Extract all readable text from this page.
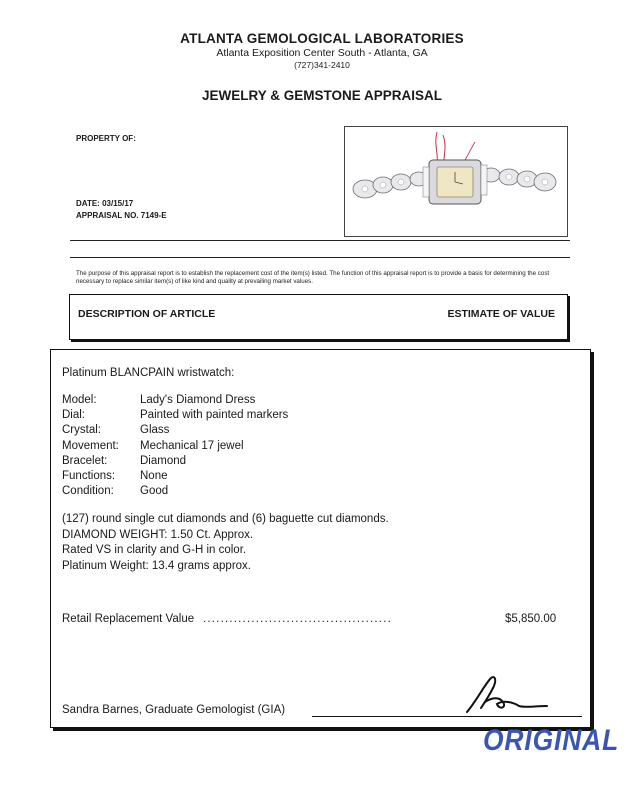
ATLANTA GEMOLOGICAL LABORATORIES
Atlanta Exposition Center South - Atlanta, GA
(727)341-2410
JEWELRY & GEMSTONE APPRAISAL
PROPERTY OF:
DATE: 03/15/17
APPRAISAL NO. 7149-E
The purpose of this appraisal report is to establish the replacement cost of the item(s) listed. The function of this appraisal report is to provide a basis for determining the cost necessary to replace similar item(s) of like kind and quality at prevailing market values.
DESCRIPTION OF ARTICLE	ESTIMATE OF VALUE
Platinum BLANCPAIN wristwatch:
Model:	Lady's Diamond Dress
Dial:	Painted with painted markers
Crystal:	Glass
Movement:	Mechanical 17 jewel
Bracelet:	Diamond
Functions:	None
Condition:	Good
(127) round single cut diamonds and (6) baguette cut diamonds.
DIAMOND WEIGHT: 1.50 Ct. Approx.
Rated VS in clarity and G-H in color.
Platinum Weight: 13.4 grams approx.
Retail Replacement Value ...........................................	$5,850.00
Sandra Barnes, Graduate Gemologist (GIA)
ORIGINAL
